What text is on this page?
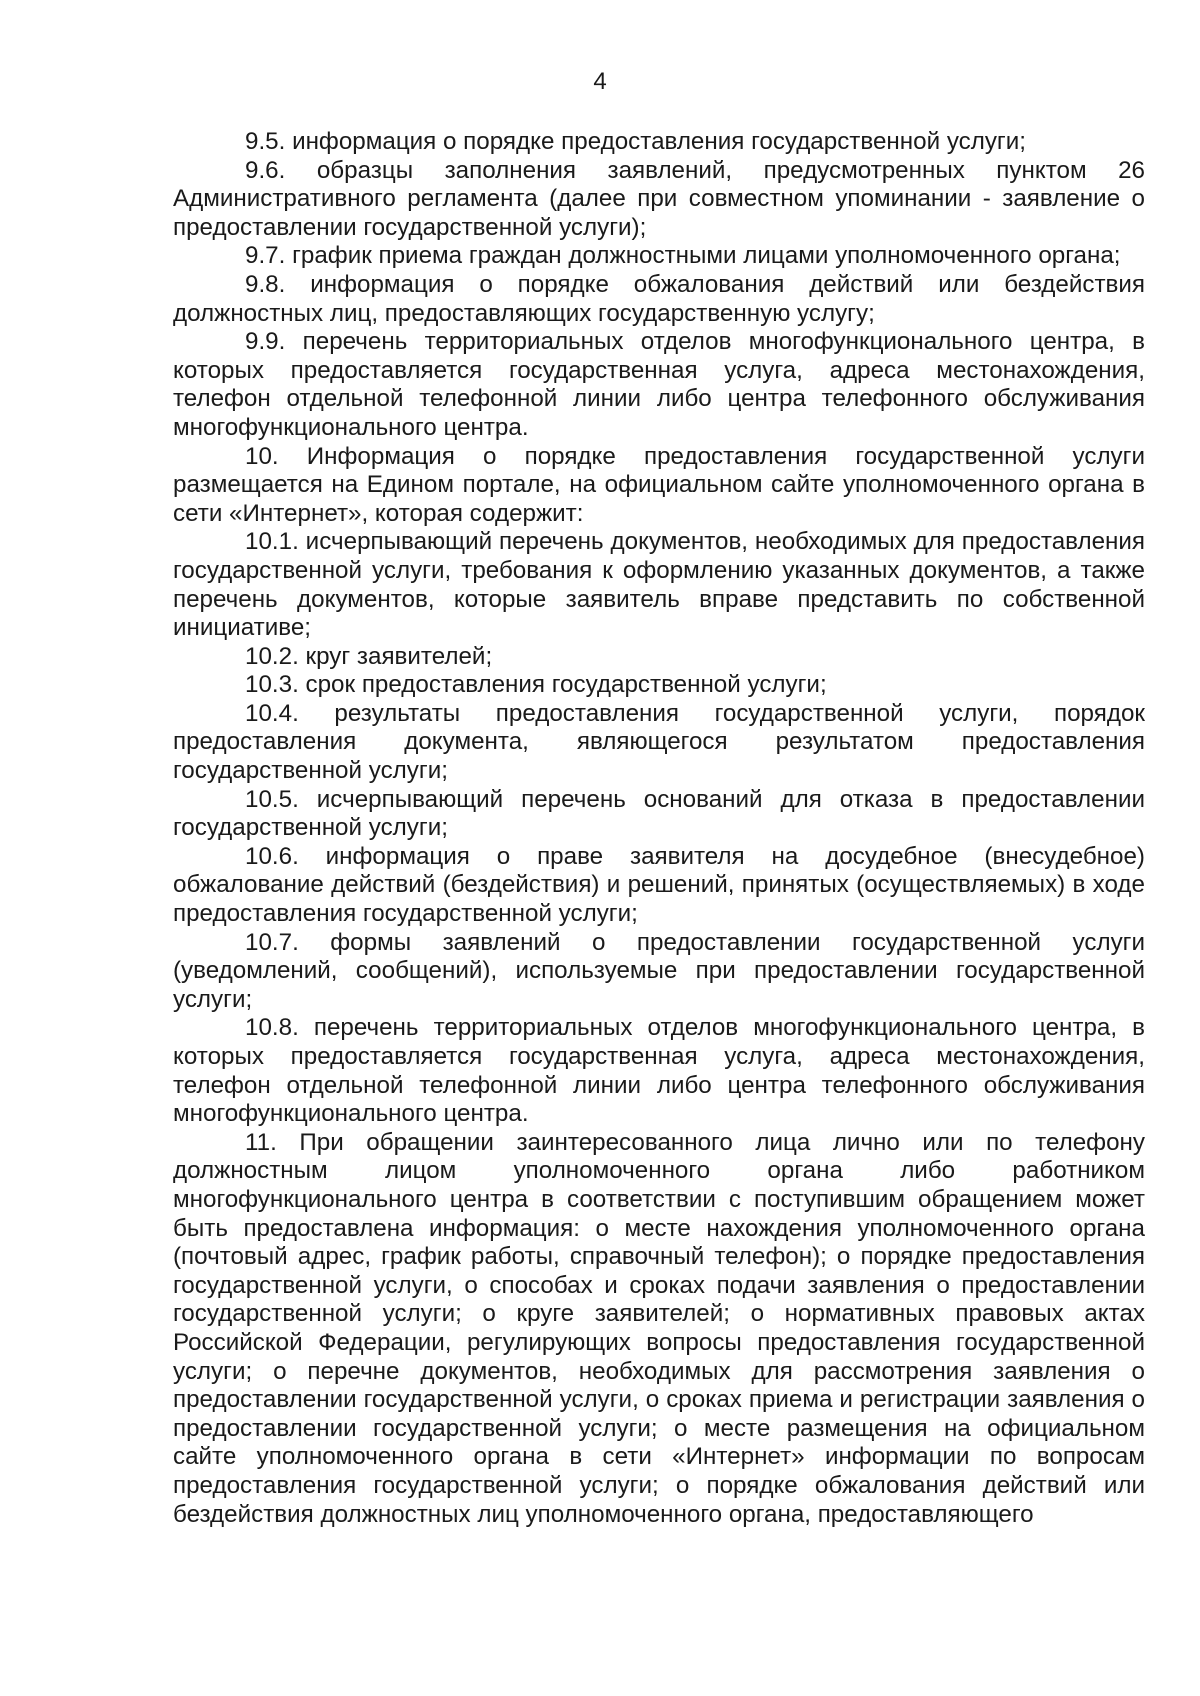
4

9.5. информация о порядке предоставления государственной услуги;

9.6. образцы заполнения заявлений, предусмотренных пунктом 26 Административного регламента (далее при совместном упоминании - заявление о предоставлении государственной услуги);

9.7. график приема граждан должностными лицами уполномоченного органа;

9.8. информация о порядке обжалования действий или бездействия должностных лиц, предоставляющих государственную услугу;

9.9. перечень территориальных отделов многофункционального центра, в которых предоставляется государственная услуга, адреса местонахождения, телефон отдельной телефонной линии либо центра телефонного обслуживания многофункционального центра.

10. Информация о порядке предоставления государственной услуги размещается на Едином портале, на официальном сайте уполномоченного органа в сети «Интернет», которая содержит:

10.1. исчерпывающий перечень документов, необходимых для предоставления государственной услуги, требования к оформлению указанных документов, а также перечень документов, которые заявитель вправе представить по собственной инициативе;

10.2. круг заявителей;

10.3. срок предоставления государственной услуги;

10.4. результаты предоставления государственной услуги, порядок предоставления документа, являющегося результатом предоставления государственной услуги;

10.5. исчерпывающий перечень оснований для отказа в предоставлении государственной услуги;

10.6. информация о праве заявителя на досудебное (внесудебное) обжалование действий (бездействия) и решений, принятых (осуществляемых) в ходе предоставления государственной услуги;

10.7. формы заявлений о предоставлении государственной услуги (уведомлений, сообщений), используемые при предоставлении государственной услуги;

10.8. перечень территориальных отделов многофункционального центра, в которых предоставляется государственная услуга, адреса местонахождения, телефон отдельной телефонной линии либо центра телефонного обслуживания многофункционального центра.

11. При обращении заинтересованного лица лично или по телефону должностным лицом уполномоченного органа либо работником многофункционального центра в соответствии с поступившим обращением может быть предоставлена информация: о месте нахождения уполномоченного органа (почтовый адрес, график работы, справочный телефон); о порядке предоставления государственной услуги, о способах и сроках подачи заявления о предоставлении государственной услуги; о круге заявителей; о нормативных правовых актах Российской Федерации, регулирующих вопросы предоставления государственной услуги; о перечне документов, необходимых для рассмотрения заявления о предоставлении государственной услуги, о сроках приема и регистрации заявления о предоставлении государственной услуги; о месте размещения на официальном сайте уполномоченного органа в сети «Интернет» информации по вопросам предоставления государственной услуги; о порядке обжалования действий или бездействия должностных лиц уполномоченного органа, предоставляющего
